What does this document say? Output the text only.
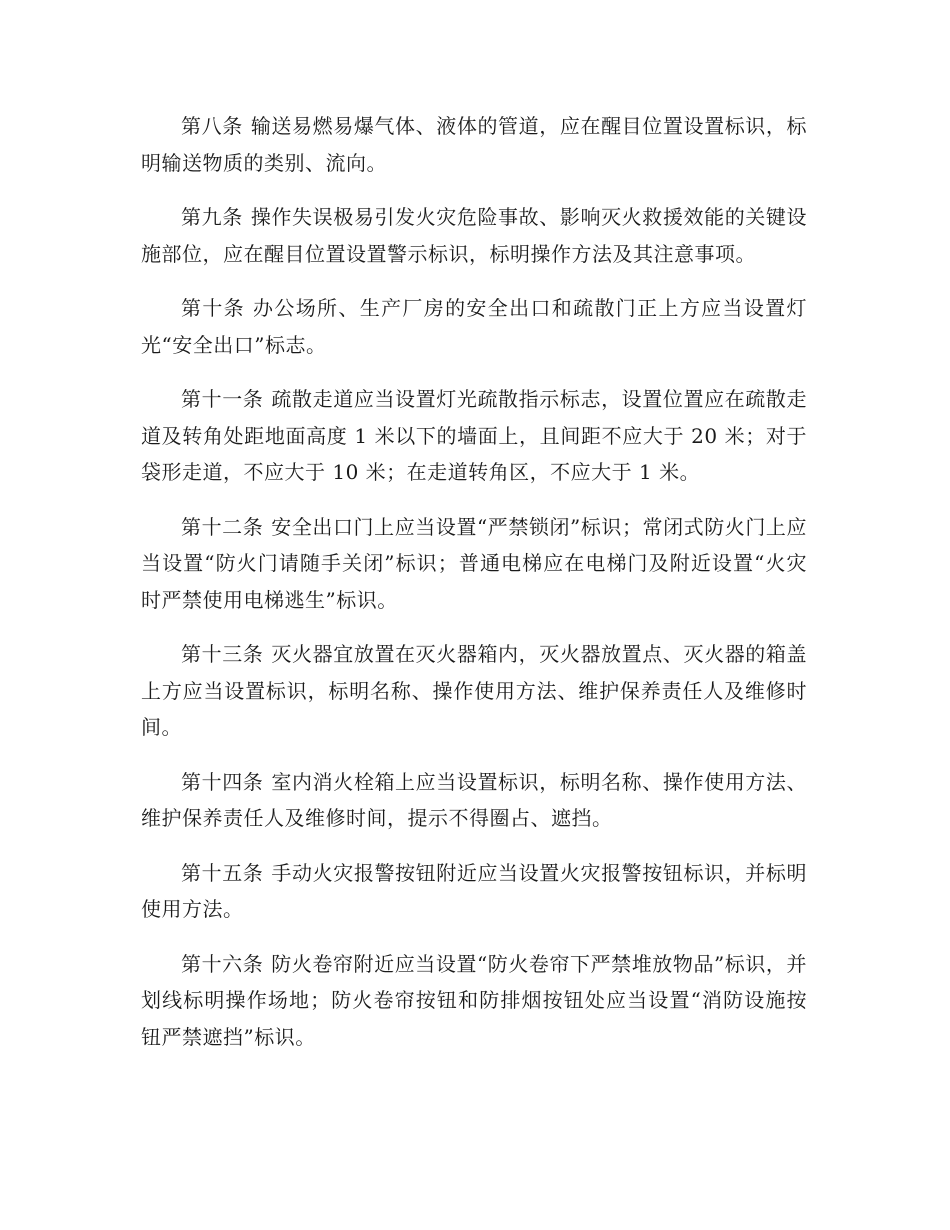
第八条 输送易燃易爆气体、液体的管道，应在醒目位置设置标识，标明输送物质的类别、流向。

第九条 操作失误极易引发火灾危险事故、影响灭火救援效能的关键设施部位，应在醒目位置设置警示标识，标明操作方法及其注意事项。

第十条 办公场所、生产厂房的安全出口和疏散门正上方应当设置灯光“安全出口”标志。

第十一条 疏散走道应当设置灯光疏散指示标志，设置位置应在疏散走道及转角处距地面高度 1 米以下的墙面上，且间距不应大于 20 米；对于袋形走道，不应大于 10 米；在走道转角区，不应大于 1 米。

第十二条 安全出口门上应当设置“严禁锁闭”标识；常闭式防火门上应当设置“防火门请随手关闭”标识；普通电梯应在电梯门及附近设置“火灾时严禁使用电梯逃生”标识。

第十三条 灭火器宜放置在灭火器箱内，灭火器放置点、灭火器的箱盖上方应当设置标识，标明名称、操作使用方法、维护保养责任人及维修时间。

第十四条 室内消火栓箱上应当设置标识，标明名称、操作使用方法、维护保养责任人及维修时间，提示不得圈占、遮挡。

第十五条 手动火灾报警按钮附近应当设置火灾报警按钮标识，并标明使用方法。

第十六条 防火卷帘附近应当设置“防火卷帘下严禁堆放物品”标识，并划线标明操作场地；防火卷帘按钮和防排烟按钮处应当设置“消防设施按钮严禁遮挡”标识。
